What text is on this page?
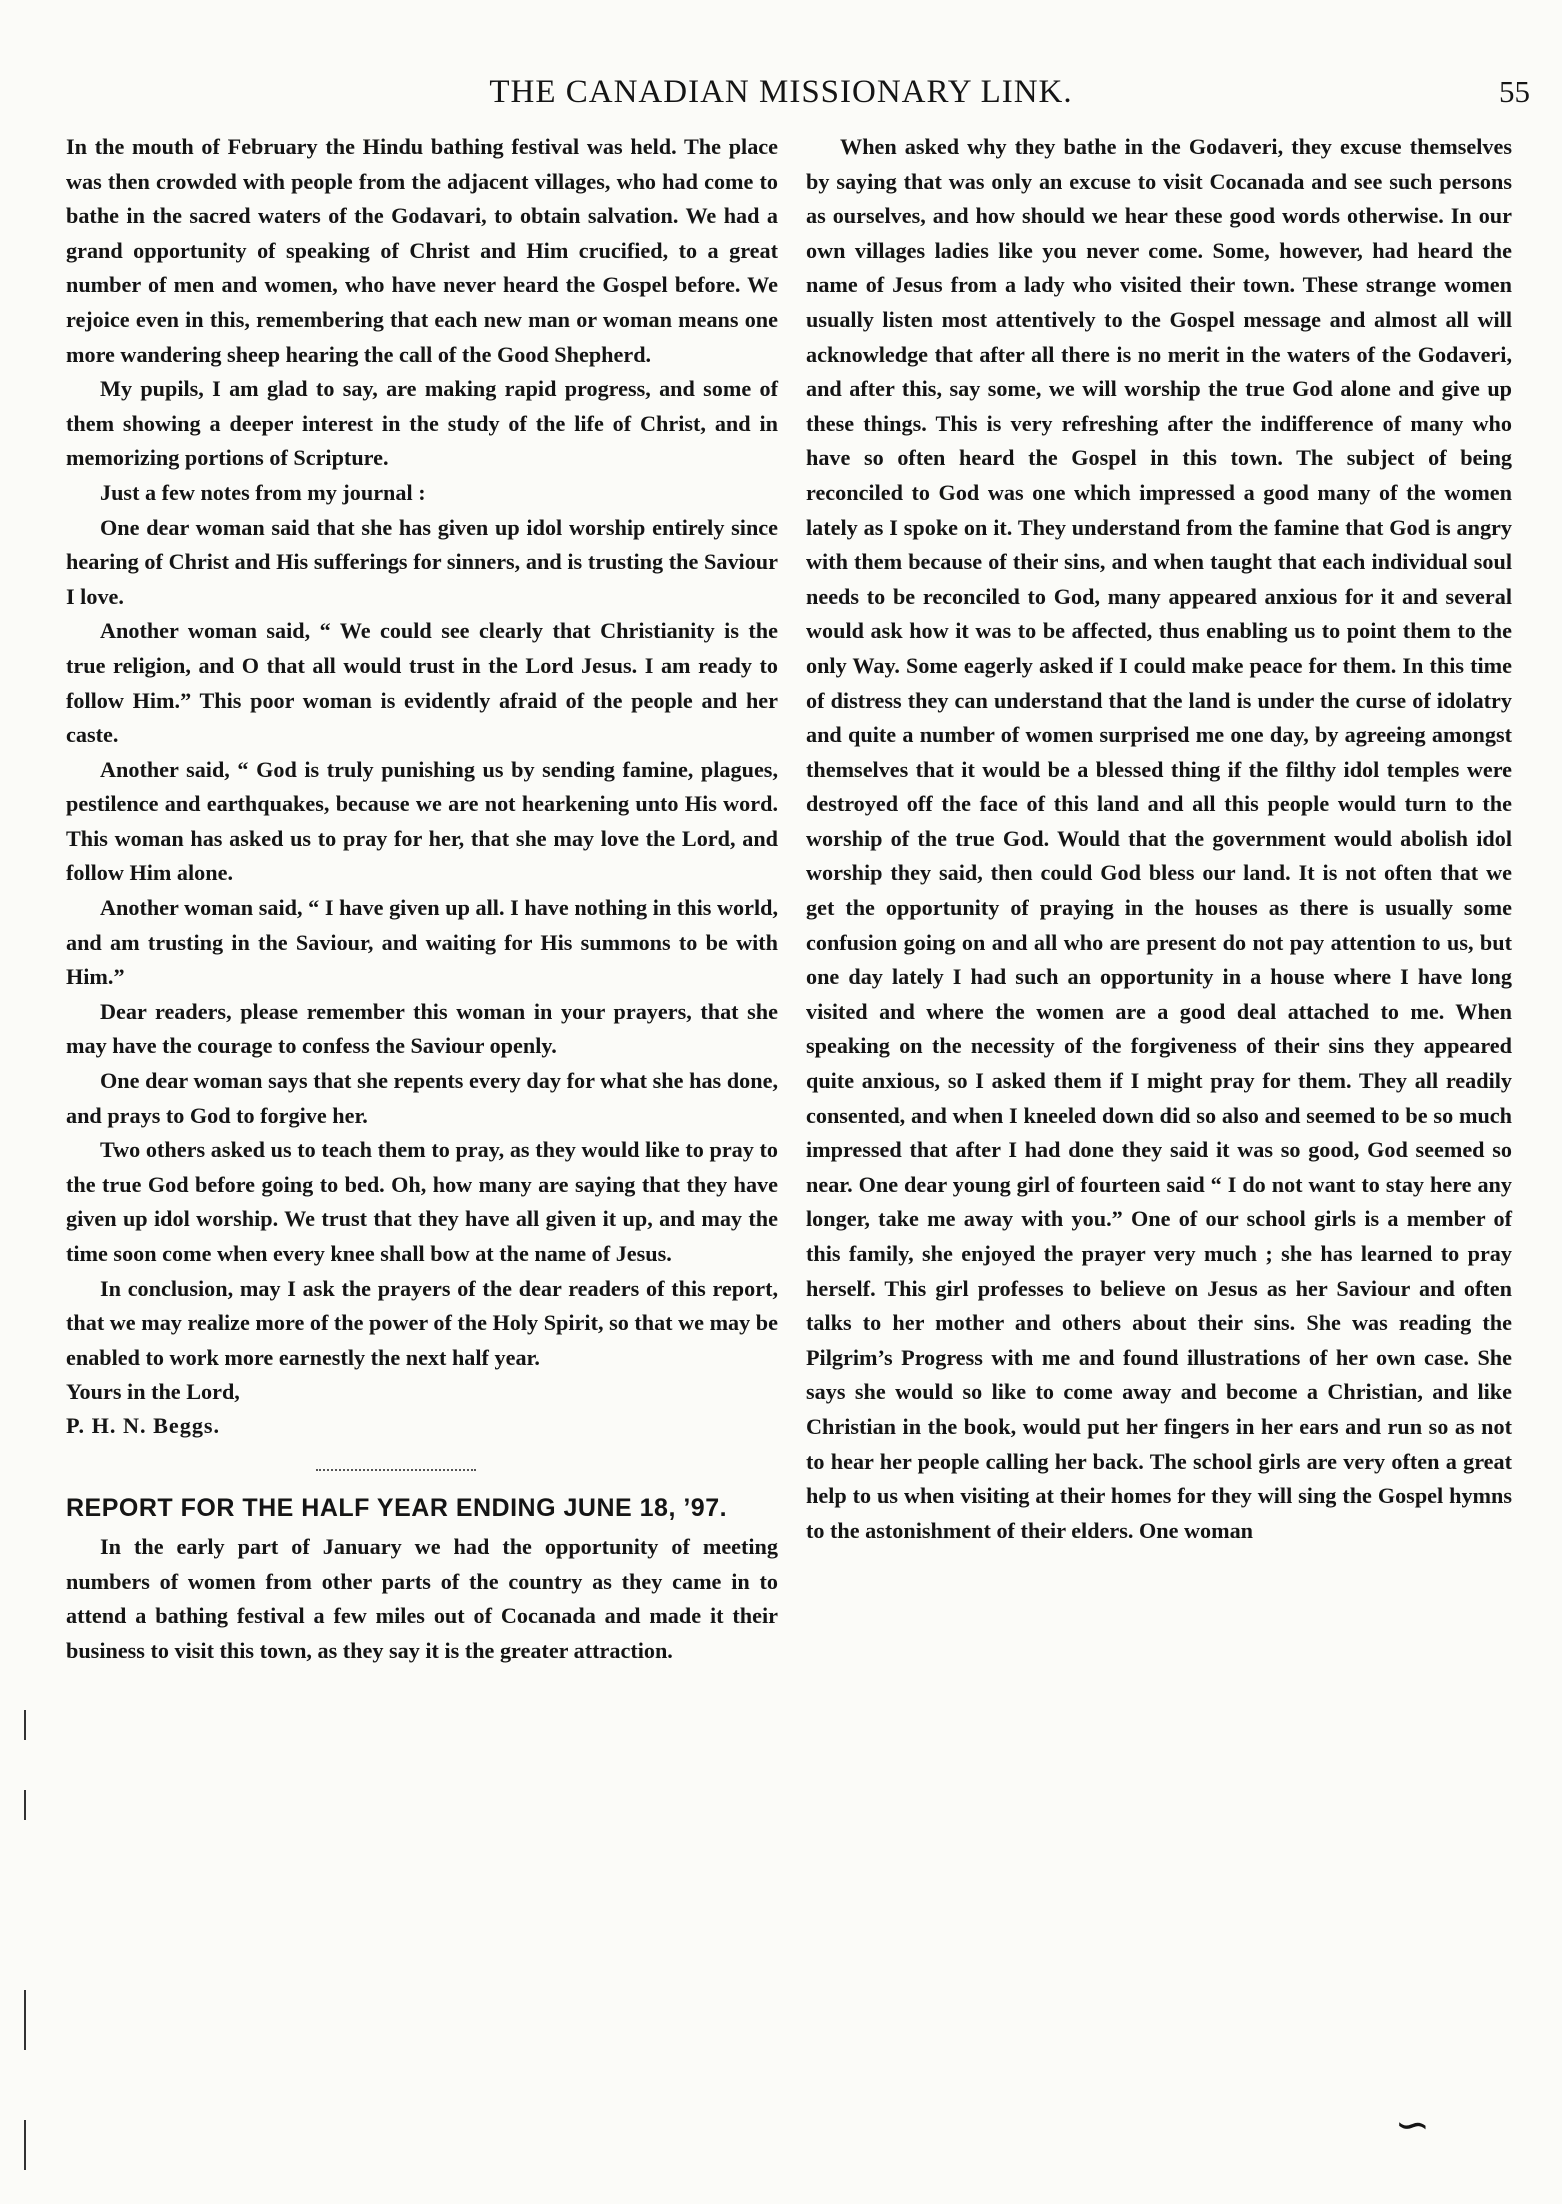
THE CANADIAN MISSIONARY LINK.	55

In the mouth of February the Hindu bathing festival was held. The place was then crowded with people from the adjacent villages, who had come to bathe in the sacred waters of the Godavari, to obtain salvation. We had a grand opportunity of speaking of Christ and Him crucified, to a great number of men and women, who have never heard the Gospel before. We rejoice even in this, remembering that each new man or woman means one more wandering sheep hearing the call of the Good Shepherd.

My pupils, I am glad to say, are making rapid progress, and some of them showing a deeper interest in the study of the life of Christ, and in memorizing portions of Scripture.

Just a few notes from my journal :

One dear woman said that she has given up idol worship entirely since hearing of Christ and His sufferings for sinners, and is trusting the Saviour I love.

Another woman said, “ We could see clearly that Christianity is the true religion, and O that all would trust in the Lord Jesus. I am ready to follow Him.” This poor woman is evidently afraid of the people and her caste.

Another said, “ God is truly punishing us by sending famine, plagues, pestilence and earthquakes, because we are not hearkening unto His word. This woman has asked us to pray for her, that she may love the Lord, and follow Him alone.

Another woman said, “ I have given up all. I have nothing in this world, and am trusting in the Saviour, and waiting for His summons to be with Him.”

Dear readers, please remember this woman in your prayers, that she may have the courage to confess the Saviour openly.

One dear woman says that she repents every day for what she has done, and prays to God to forgive her.

Two others asked us to teach them to pray, as they would like to pray to the true God before going to bed. Oh, how many are saying that they have given up idol worship. We trust that they have all given it up, and may the time soon come when every knee shall bow at the name of Jesus.

In conclusion, may I ask the prayers of the dear readers of this report, that we may realize more of the power of the Holy Spirit, so that we may be enabled to work more earnestly the next half year.

Yours in the Lord,

P. H. N. Beggs.

REPORT FOR THE HALF YEAR ENDING JUNE 18, ’97.

In the early part of January we had the opportunity of meeting numbers of women from other parts of the country as they came in to attend a bathing festival a few miles out of Cocanada and made it their business to visit this town, as they say it is the greater attraction.

When asked why they bathe in the Godaveri, they excuse themselves by saying that was only an excuse to visit Cocanada and see such persons as ourselves, and how should we hear these good words otherwise. In our own villages ladies like you never come. Some, however, had heard the name of Jesus from a lady who visited their town. These strange women usually listen most attentively to the Gospel message and almost all will acknowledge that after all there is no merit in the waters of the Godaveri, and after this, say some, we will worship the true God alone and give up these things. This is very refreshing after the indifference of many who have so often heard the Gospel in this town. The subject of being reconciled to God was one which impressed a good many of the women lately as I spoke on it. They understand from the famine that God is angry with them because of their sins, and when taught that each individual soul needs to be reconciled to God, many appeared anxious for it and several would ask how it was to be affected, thus enabling us to point them to the only Way. Some eagerly asked if I could make peace for them. In this time of distress they can understand that the land is under the curse of idolatry and quite a number of women surprised me one day, by agreeing amongst themselves that it would be a blessed thing if the filthy idol temples were destroyed off the face of this land and all this people would turn to the worship of the true God. Would that the government would abolish idol worship they said, then could God bless our land. It is not often that we get the opportunity of praying in the houses as there is usually some confusion going on and all who are present do not pay attention to us, but one day lately I had such an opportunity in a house where I have long visited and where the women are a good deal attached to me. When speaking on the necessity of the forgiveness of their sins they appeared quite anxious, so I asked them if I might pray for them. They all readily consented, and when I kneeled down did so also and seemed to be so much impressed that after I had done they said it was so good, God seemed so near. One dear young girl of fourteen said “ I do not want to stay here any longer, take me away with you.” One of our school girls is a member of this family, she enjoyed the prayer very much ; she has learned to pray herself. This girl professes to believe on Jesus as her Saviour and often talks to her mother and others about their sins. She was reading the Pilgrim’s Progress with me and found illustrations of her own case. She says she would so like to come away and become a Christian, and like Christian in the book, would put her fingers in her ears and run so as not to hear her people calling her back. The school girls are very often a great help to us when visiting at their homes for they will sing the Gospel hymns to the astonishment of their elders. One woman

∽
